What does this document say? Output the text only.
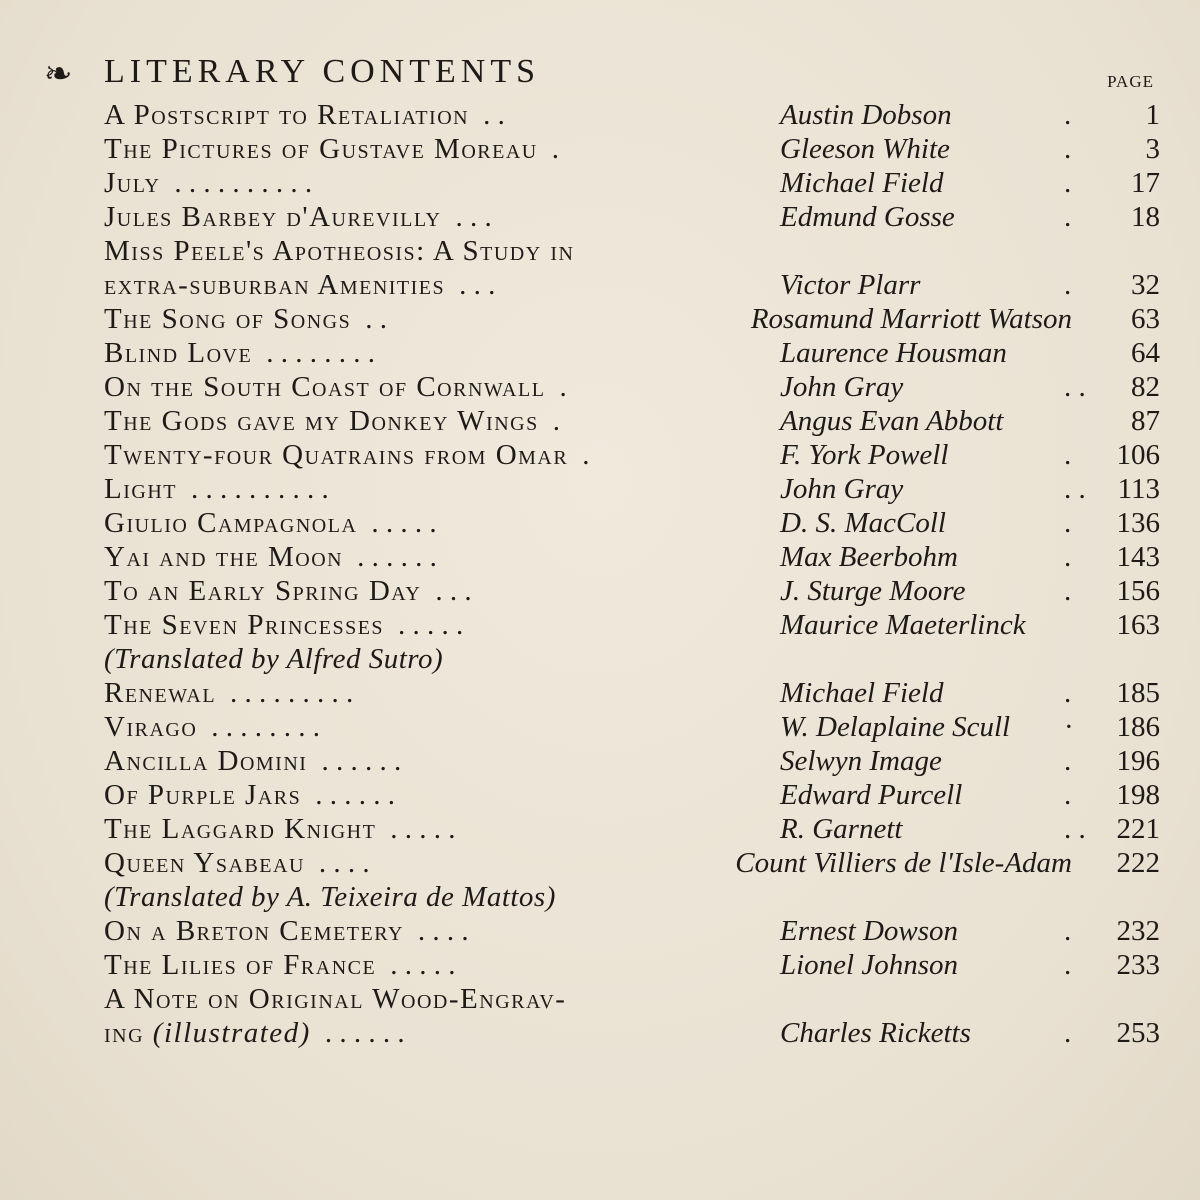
❧ LITERARY CONTENTS	PAGE
A Postscript to Retaliation . .	Austin Dobson	.	1
The Pictures of Gustave Moreau .	Gleeson White	.	3
July . . . . . . . . . .	Michael Field	. 17
Jules Barbey d'Aurevilly . . .	Edmund Gosse	. 18
Miss Peele's Apotheosis: A Study in
extra-suburban Amenities . . .	Victor Plarr	. 32
The Song of Songs . .	Rosamund Marriott Watson 63
Blind Love . . . . . . . .	Laurence Housman	64
On the South Coast of Cornwall .	John Gray	. . 82
The Gods gave my Donkey Wings .	Angus Evan Abbott	87
Twenty-four Quatrains from Omar .	F. York Powell	. 106
Light . . . . . . . . . .	John Gray	. . 113
Giulio Campagnola . . . . .	D. S. MacColl	. 136
Yai and the Moon . . . . . .	Max Beerbohm	. 143
To an Early Spring Day . . .	J. Sturge Moore	. 156
The Seven Princesses . . . . .	Maurice Maeterlinck	163
(Translated by Alfred Sutro)
Renewal . . . . . . . . .	Michael Field	. 185
Virago . . . . . . . .	W. Delaplaine Scull · 186
Ancilla Domini . . . . . .	Selwyn Image	. 196
Of Purple Jars . . . . . .	Edward Purcell	. 198
The Laggard Knight . . . . .	R. Garnett	. . 221
Queen Ysabeau . . . .	Count Villiers de l'Isle-Adam 222
(Translated by A. Teixeira de Mattos)
On a Breton Cemetery . . . .	Ernest Dowson	. 232
The Lilies of France . . . . .	Lionel Johnson	. 233
A Note on Original Wood-Engrav-
ing (illustrated) . . . . . .	Charles Ricketts	. 253
